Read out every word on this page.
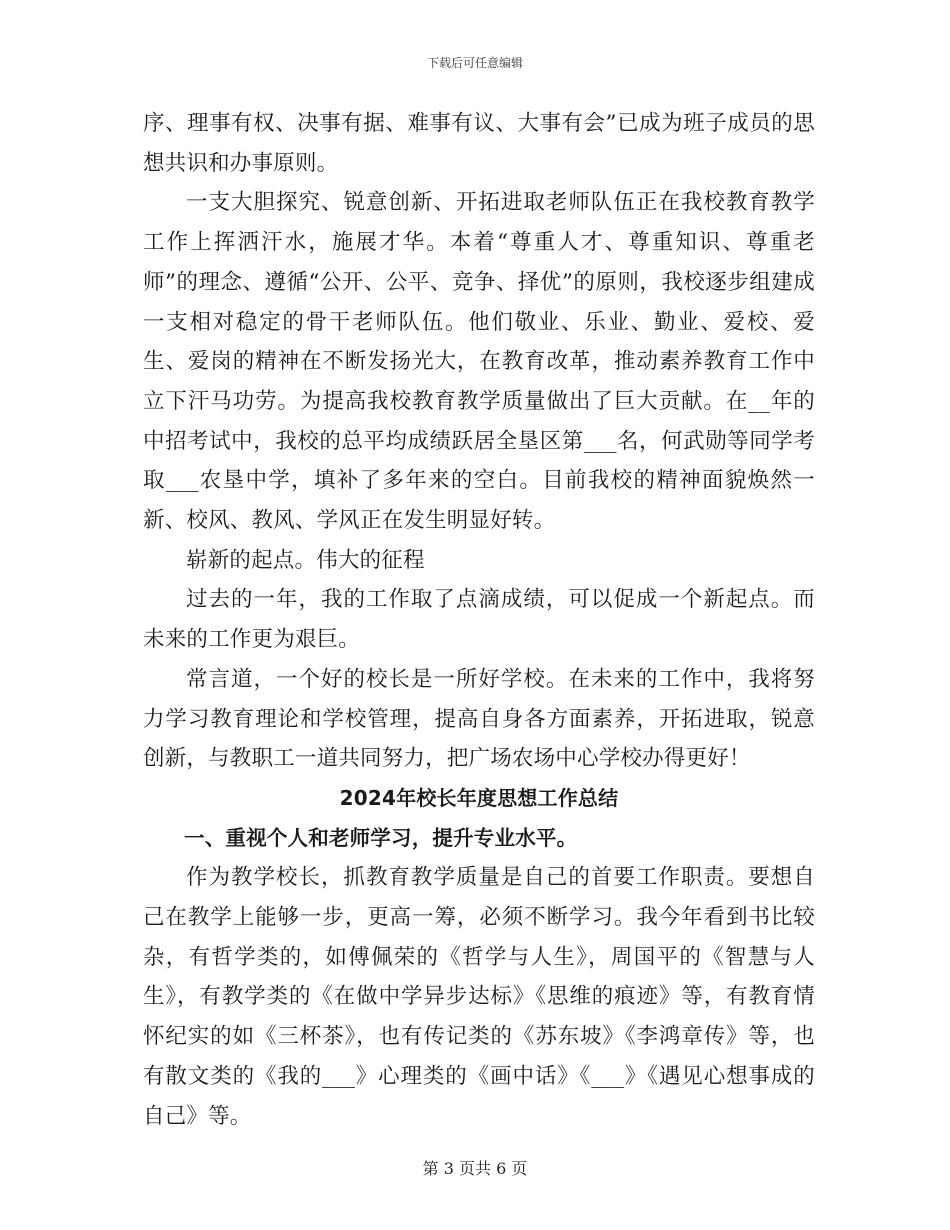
下载后可任意编辑

序、理事有权、决事有据、难事有议、大事有会”已成为班子成员的思想共识和办事原则。

一支大胆探究、锐意创新、开拓进取老师队伍正在我校教育教学工作上挥洒汗水，施展才华。本着“尊重人才、尊重知识、尊重老师”的理念、遵循“公开、公平、竞争、择优”的原则，我校逐步组建成一支相对稳定的骨干老师队伍。他们敬业、乐业、勤业、爱校、爱生、爱岗的精神在不断发扬光大，在教育改革，推动素养教育工作中立下汗马功劳。为提高我校教育教学质量做出了巨大贡献。在__年的中招考试中，我校的总平均成绩跃居全垦区第___名，何武勋等同学考取___农垦中学，填补了多年来的空白。目前我校的精神面貌焕然一新、校风、教风、学风正在发生明显好转。

崭新的起点。伟大的征程

过去的一年，我的工作取了点滴成绩，可以促成一个新起点。而未来的工作更为艰巨。

常言道，一个好的校长是一所好学校。在未来的工作中，我将努力学习教育理论和学校管理，提高自身各方面素养，开拓进取，锐意创新，与教职工一道共同努力，把广场农场中心学校办得更好！

2024年校长年度思想工作总结

一、重视个人和老师学习，提升专业水平。

作为教学校长，抓教育教学质量是自己的首要工作职责。要想自己在教学上能够一步，更高一筹，必须不断学习。我今年看到书比较杂，有哲学类的，如傅佩荣的《哲学与人生》，周国平的《智慧与人生》，有教学类的《在做中学异步达标》《思维的痕迹》等，有教育情怀纪实的如《三杯茶》，也有传记类的《苏东坡》《李鸿章传》等，也有散文类的《我的___》心理类的《画中话》《___》《遇见心想事成的自己》等。

第 3 页共 6 页
